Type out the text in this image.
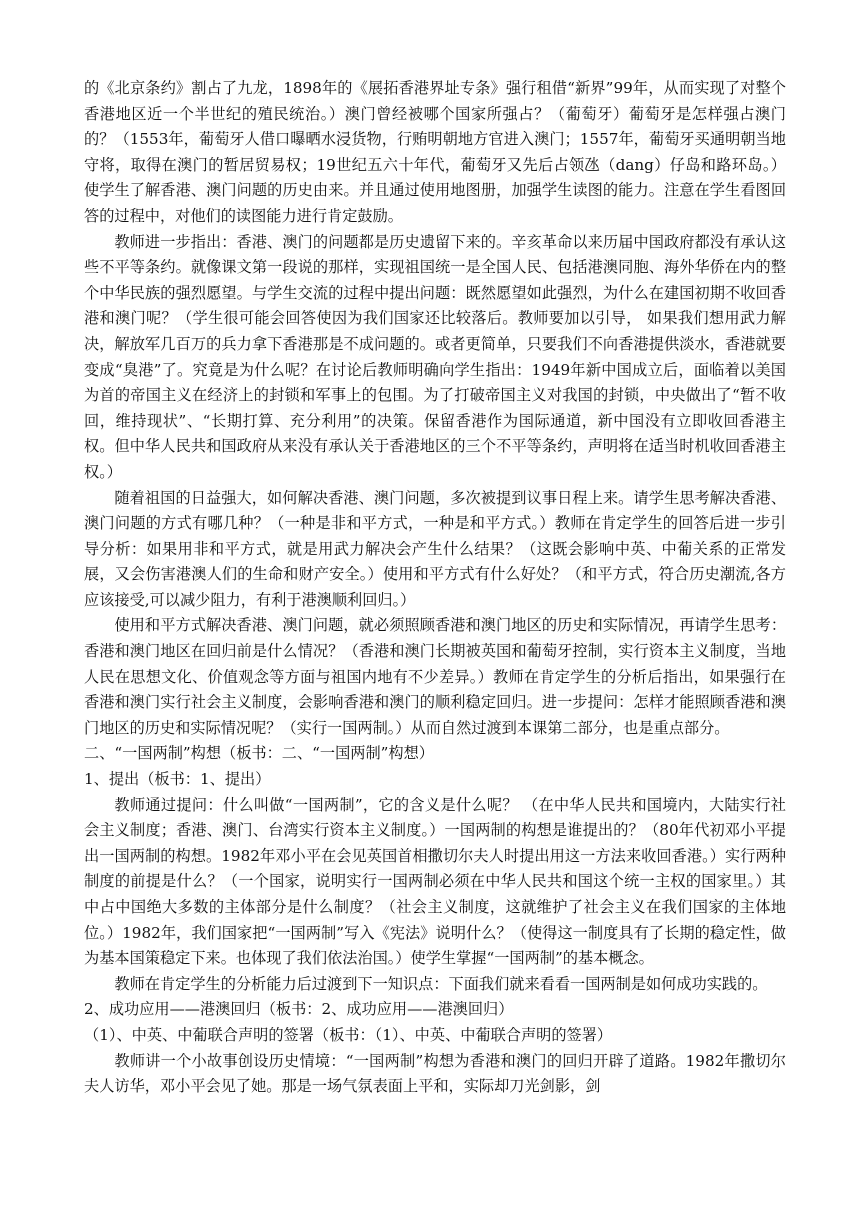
的《北京条约》割占了九龙，1898年的《展拓香港界址专条》强行租借“新界”99年，从而实现了对整个香港地区近一个半世纪的殖民统治。）澳门曾经被哪个国家所强占？（葡萄牙）葡萄牙是怎样强占澳门的？（1553年，葡萄牙人借口曝晒水浸货物，行贿明朝地方官进入澳门；1557年，葡萄牙买通明朝当地守将，取得在澳门的暂居贸易权；19世纪五六十年代，葡萄牙又先后占领氹（dang）仔岛和路环岛。）使学生了解香港、澳门问题的历史由来。并且通过使用地图册，加强学生读图的能力。注意在学生看图回答的过程中，对他们的读图能力进行肯定鼓励。

教师进一步指出：香港、澳门的问题都是历史遗留下来的。辛亥革命以来历届中国政府都没有承认这些不平等条约。就像课文第一段说的那样，实现祖国统一是全国人民、包括港澳同胞、海外华侨在内的整个中华民族的强烈愿望。与学生交流的过程中提出问题：既然愿望如此强烈，为什么在建国初期不收回香港和澳门呢？（学生很可能会回答使因为我们国家还比较落后。教师要加以引导， 如果我们想用武力解决，解放军几百万的兵力拿下香港那是不成问题的。或者更简单，只要我们不向香港提供淡水，香港就要变成“臭港”了。究竟是为什么呢？在讨论后教师明确向学生指出：1949年新中国成立后，面临着以美国为首的帝国主义在经济上的封锁和军事上的包围。为了打破帝国主义对我国的封锁，中央做出了“暂不收回，维持现状”、“长期打算、充分利用”的决策。保留香港作为国际通道，新中国没有立即收回香港主权。但中华人民共和国政府从来没有承认关于香港地区的三个不平等条约，声明将在适当时机收回香港主权。）

随着祖国的日益强大，如何解决香港、澳门问题，多次被提到议事日程上来。请学生思考解决香港、澳门问题的方式有哪几种？（一种是非和平方式，一种是和平方式。）教师在肯定学生的回答后进一步引导分析：如果用非和平方式，就是用武力解决会产生什么结果？（这既会影响中英、中葡关系的正常发展，又会伤害港澳人们的生命和财产安全。）使用和平方式有什么好处？（和平方式，符合历史潮流,各方应该接受,可以减少阻力，有利于港澳顺利回归。）

使用和平方式解决香港、澳门问题，就必须照顾香港和澳门地区的历史和实际情况，再请学生思考：香港和澳门地区在回归前是什么情况？（香港和澳门长期被英国和葡萄牙控制，实行资本主义制度，当地人民在思想文化、价值观念等方面与祖国内地有不少差异。）教师在肯定学生的分析后指出，如果强行在香港和澳门实行社会主义制度，会影响香港和澳门的顺利稳定回归。进一步提问：怎样才能照顾香港和澳门地区的历史和实际情况呢？（实行一国两制。）从而自然过渡到本课第二部分，也是重点部分。

二、“一国两制”构想（板书：二、“一国两制”构想）

1、提出（板书：1、提出）

教师通过提问：什么叫做“一国两制”，它的含义是什么呢？ （在中华人民共和国境内，大陆实行社会主义制度；香港、澳门、台湾实行资本主义制度。）一国两制的构想是谁提出的？（80年代初邓小平提出一国两制的构想。1982年邓小平在会见英国首相撒切尔夫人时提出用这一方法来收回香港。）实行两种制度的前提是什么？（一个国家，说明实行一国两制必须在中华人民共和国这个统一主权的国家里。）其中占中国绝大多数的主体部分是什么制度？（社会主义制度，这就维护了社会主义在我们国家的主体地位。）1982年，我们国家把“一国两制”写入《宪法》说明什么？（使得这一制度具有了长期的稳定性，做为基本国策稳定下来。也体现了我们依法治国。）使学生掌握“一国两制”的基本概念。

教师在肯定学生的分析能力后过渡到下一知识点：下面我们就来看看一国两制是如何成功实践的。

2、成功应用——港澳回归（板书：2、成功应用——港澳回归）

（1）、中英、中葡联合声明的签署（板书：（1）、中英、中葡联合声明的签署）

教师讲一个小故事创设历史情境：“一国两制”构想为香港和澳门的回归开辟了道路。1982年撒切尔夫人访华，邓小平会见了她。那是一场气氛表面上平和，实际却刀光剑影，剑
